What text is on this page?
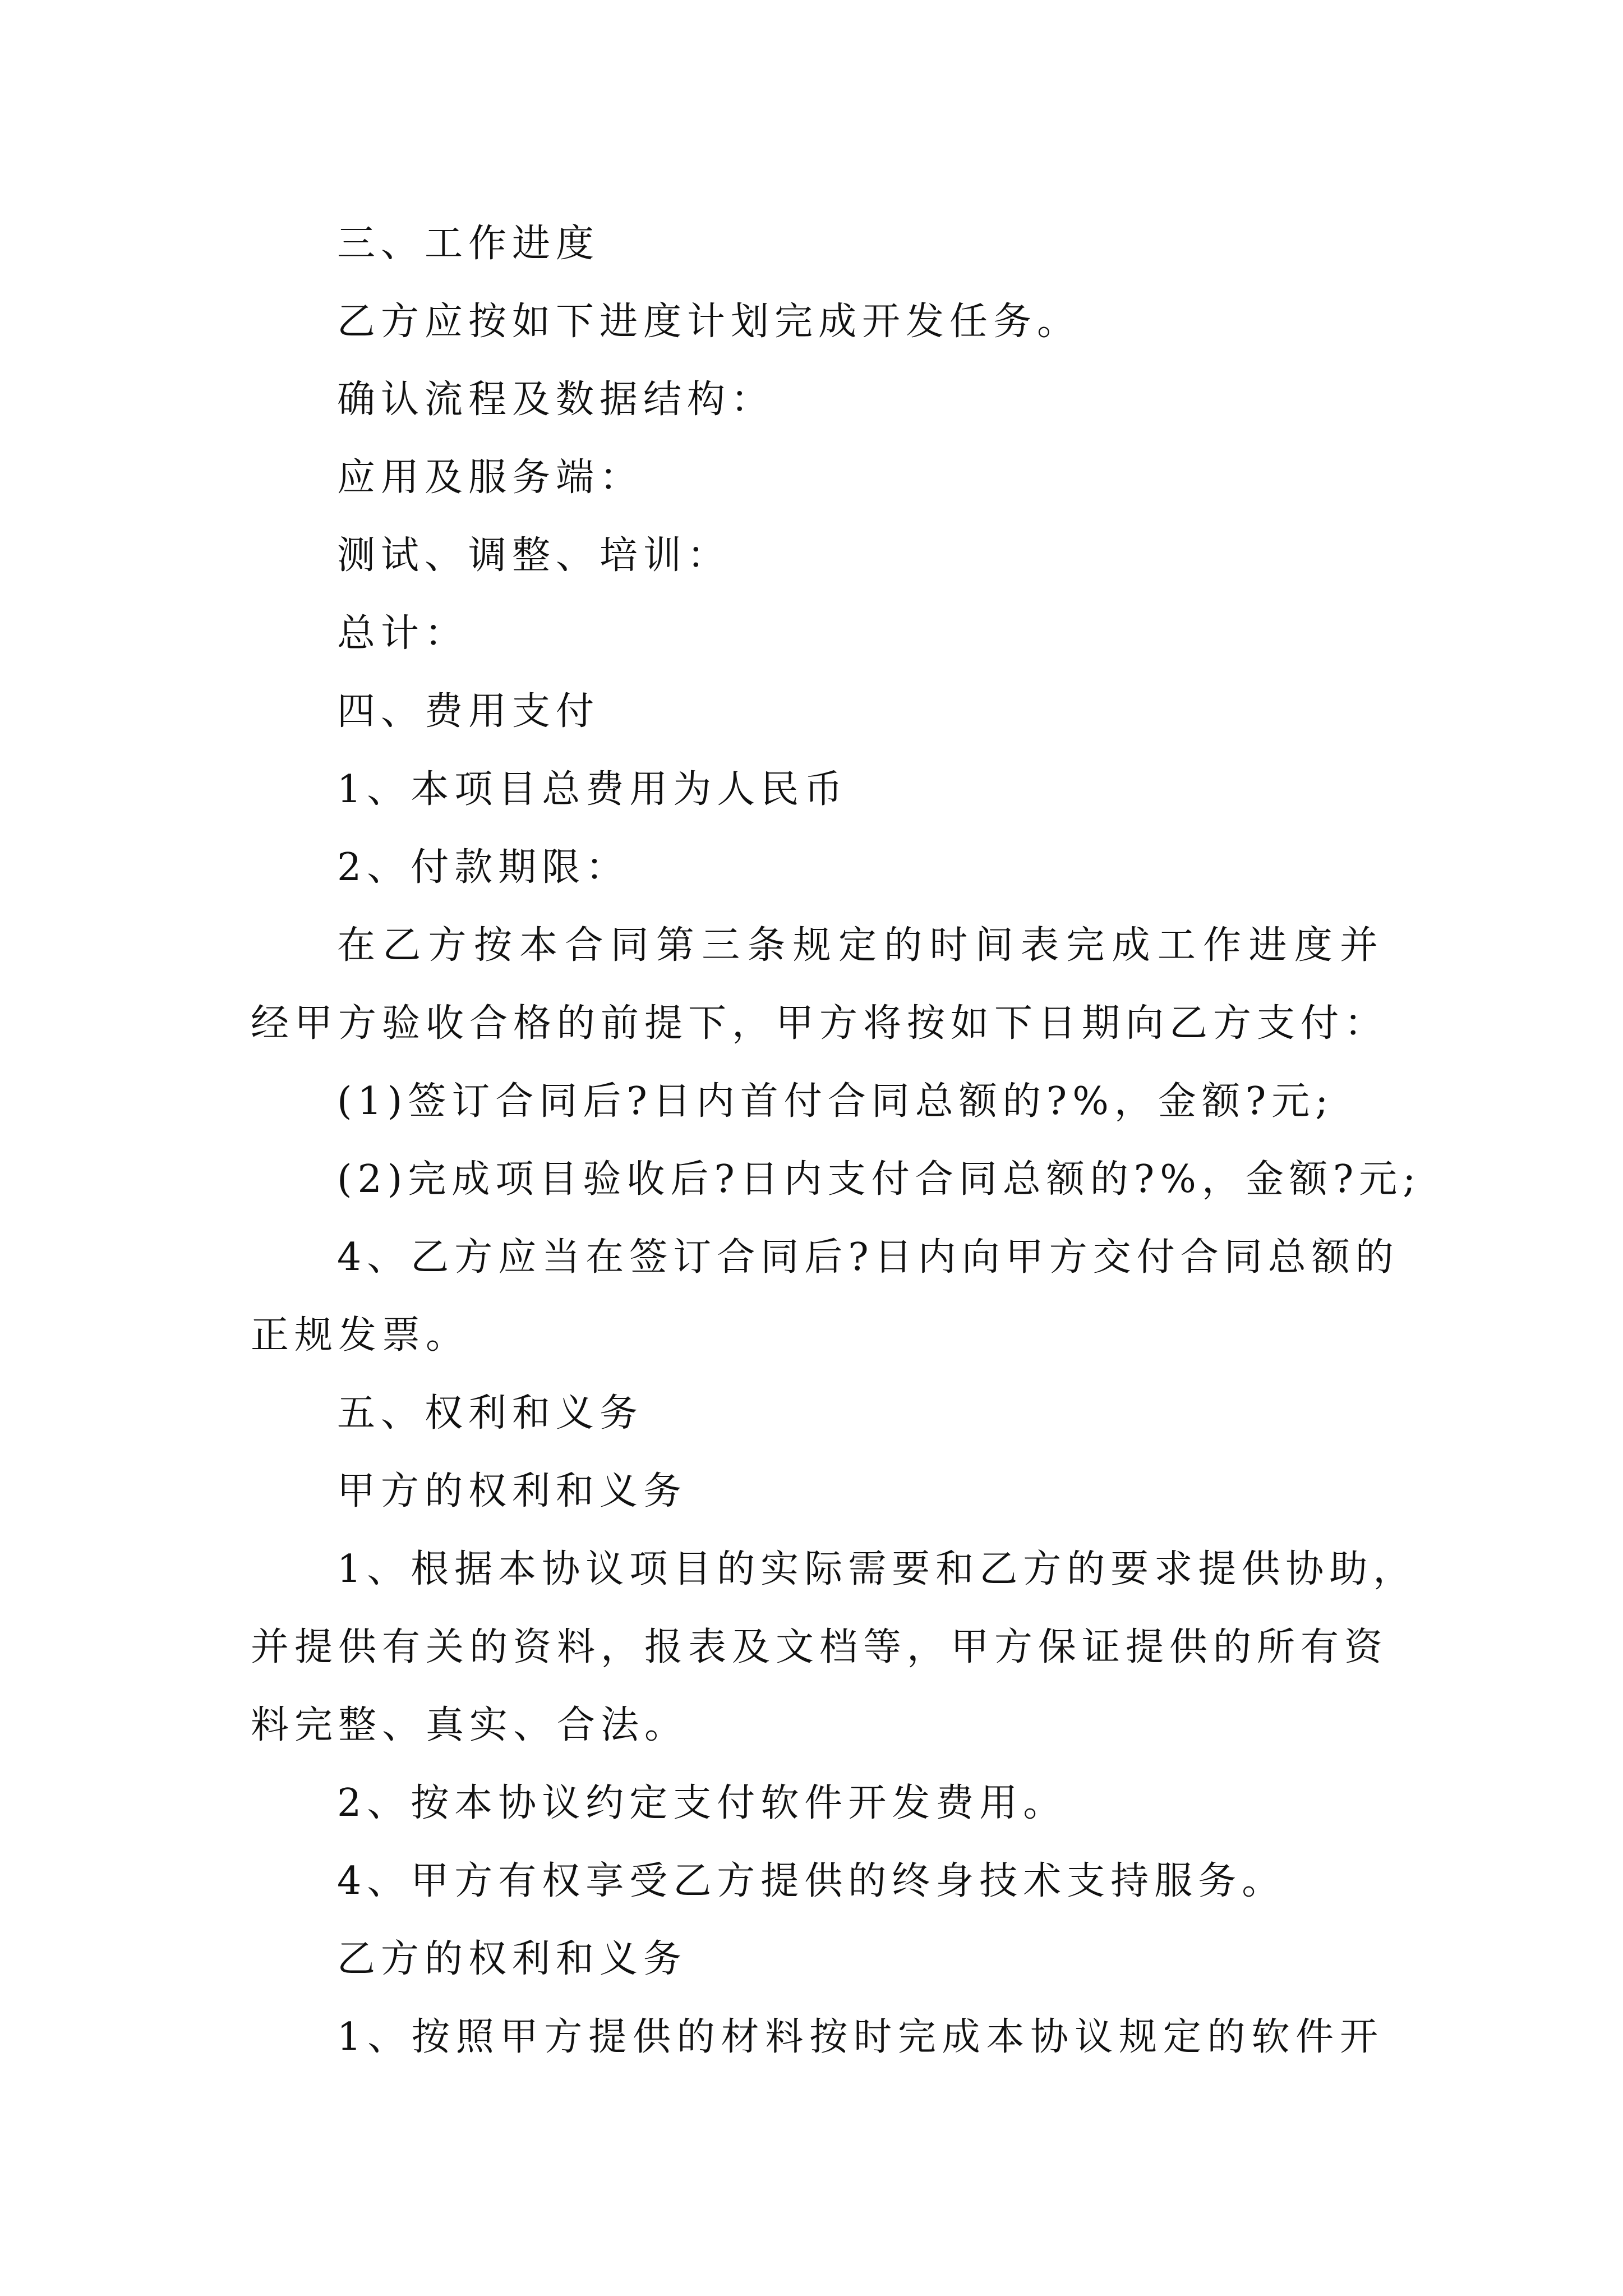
三、工作进度
乙方应按如下进度计划完成开发任务。
确认流程及数据结构：
应用及服务端：
测试、调整、培训：
总计：
四、费用支付
1、本项目总费用为人民币
2、付款期限：
在乙方按本合同第三条规定的时间表完成工作进度并
经甲方验收合格的前提下，甲方将按如下日期向乙方支付：
(1)签订合同后?日内首付合同总额的?%，金额?元;
(2)完成项目验收后?日内支付合同总额的?%，金额?元;
4、乙方应当在签订合同后?日内向甲方交付合同总额的
正规发票。
五、权利和义务
甲方的权利和义务
1、根据本协议项目的实际需要和乙方的要求提供协助，
并提供有关的资料，报表及文档等，甲方保证提供的所有资
料完整、真实、合法。
2、按本协议约定支付软件开发费用。
4、甲方有权享受乙方提供的终身技术支持服务。
乙方的权利和义务
1、按照甲方提供的材料按时完成本协议规定的软件开
